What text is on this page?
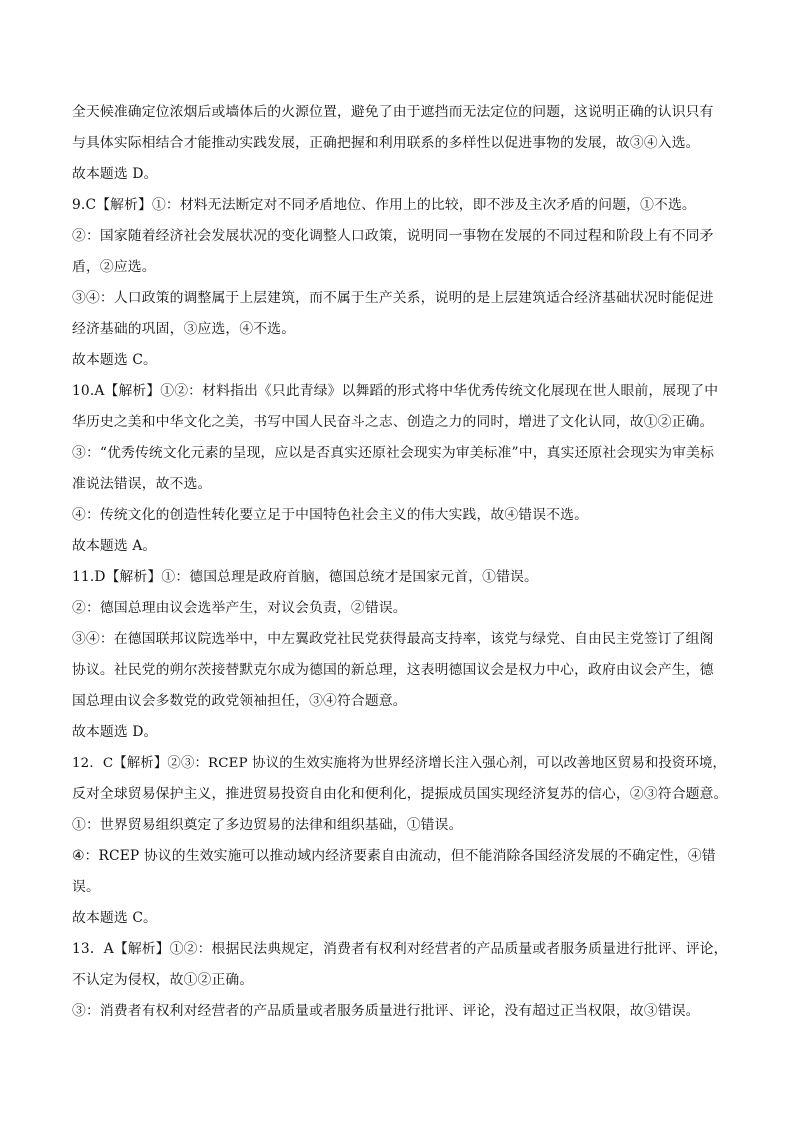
全天候准确定位浓烟后或墙体后的火源位置，避免了由于遮挡而无法定位的问题，这说明正确的认识只有
与具体实际相结合才能推动实践发展，正确把握和利用联系的多样性以促进事物的发展，故③④入选。
故本题选 D。
9.C【解析】①：材料无法断定对不同矛盾地位、作用上的比较，即不涉及主次矛盾的问题，①不选。
②：国家随着经济社会发展状况的变化调整人口政策，说明同一事物在发展的不同过程和阶段上有不同矛
盾，②应选。
③④：人口政策的调整属于上层建筑，而不属于生产关系，说明的是上层建筑适合经济基础状况时能促进
经济基础的巩固，③应选，④不选。
故本题选 C。
10.A【解析】①②：材料指出《只此青绿》以舞蹈的形式将中华优秀传统文化展现在世人眼前，展现了中
华历史之美和中华文化之美，书写中国人民奋斗之志、创造之力的同时，增进了文化认同，故①②正确。
③：“优秀传统文化元素的呈现，应以是否真实还原社会现实为审美标准”中，真实还原社会现实为审美标
准说法错误，故不选。
④：传统文化的创造性转化要立足于中国特色社会主义的伟大实践，故④错误不选。
故本题选 A。
11.D【解析】①：德国总理是政府首脑，德国总统才是国家元首，①错误。
②：德国总理由议会选举产生，对议会负责，②错误。
③④：在德国联邦议院选举中，中左翼政党社民党获得最高支持率，该党与绿党、自由民主党签订了组阁
协议。社民党的朔尔茨接替默克尔成为德国的新总理，这表明德国议会是权力中心，政府由议会产生，德
国总理由议会多数党的政党领袖担任，③④符合题意。
故本题选 D。
12．C【解析】②③：RCEP 协议的生效实施将为世界经济增长注入强心剂，可以改善地区贸易和投资环境，
反对全球贸易保护主义，推进贸易投资自由化和便利化，提振成员国实现经济复苏的信心，②③符合题意。
①：世界贸易组织奠定了多边贸易的法律和组织基础，①错误。
④：RCEP 协议的生效实施可以推动域内经济要素自由流动，但不能消除各国经济发展的不确定性，④错
误。
故本题选 C。
13．A【解析】①②：根据民法典规定，消费者有权利对经营者的产品质量或者服务质量进行批评、评论，
不认定为侵权，故①②正确。
③：消费者有权利对经营者的产品质量或者服务质量进行批评、评论，没有超过正当权限，故③错误。
